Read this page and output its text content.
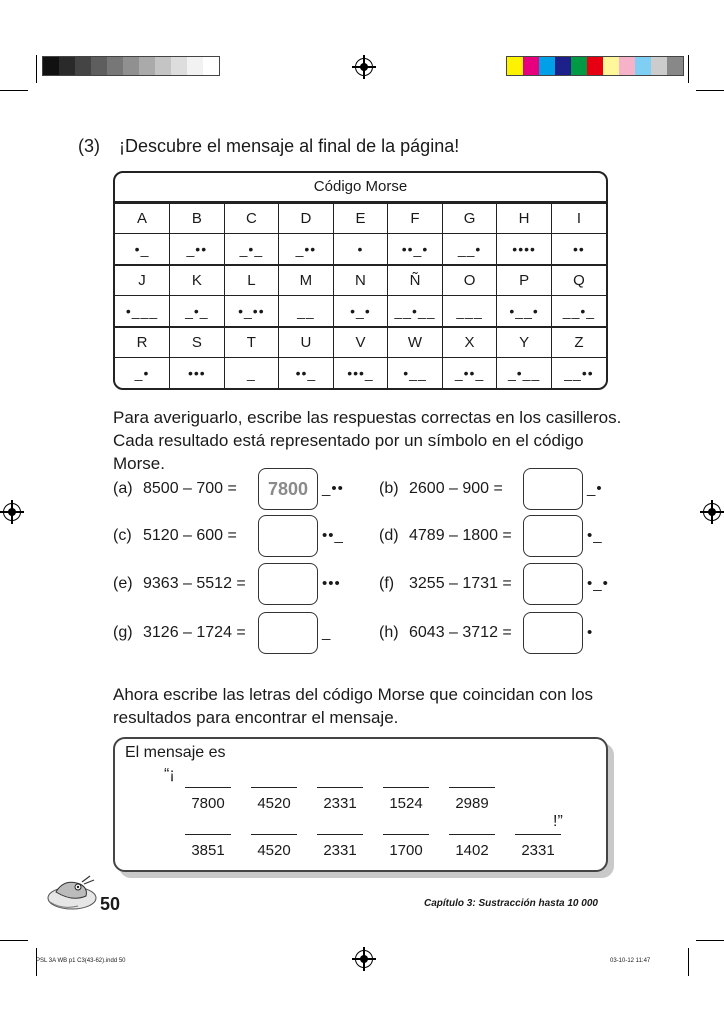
(3) ¡Descubre el mensaje al final de la página!
Código Morse
A	B	C	D	E	F	G	H	I
•_	_••	_•_	_••	•	••_•	__•	••••	••
J	K	L	M	N	Ñ	O	P	Q
•___	_•_	•_••	__	•_•	__•__	___	•__•	__•_
R	S	T	U	V	W	X	Y	Z
_•	•••	_	••_	•••_	•__	_••_	_•__	__••
Para averiguarlo, escribe las respuestas correctas en los casilleros. Cada resultado está representado por un símbolo en el código Morse.
(a) 8500 – 700 =	7800 _•• (b) 2600 – 900 =	_•
(c) 5120 – 600 =	••_ (d) 4789 – 1800 =	•_
(e) 9363 – 5512 =	••• (f) 3255 – 1731 =	•_•
(g) 3126 – 1724 =	_	(h) 6043 – 3712 =	•
Ahora escribe las letras del código Morse que coincidan con los resultados para encontrar el mensaje.
El mensaje es
“¡
!”
7800	4520	2331	1524	2989
3851	4520	2331	1700	1402	2331
50	Capítulo 3: Sustracción hasta 10 000
PSL 3A WB p1 C3(43-62).indd 50	03-10-12 11:47
